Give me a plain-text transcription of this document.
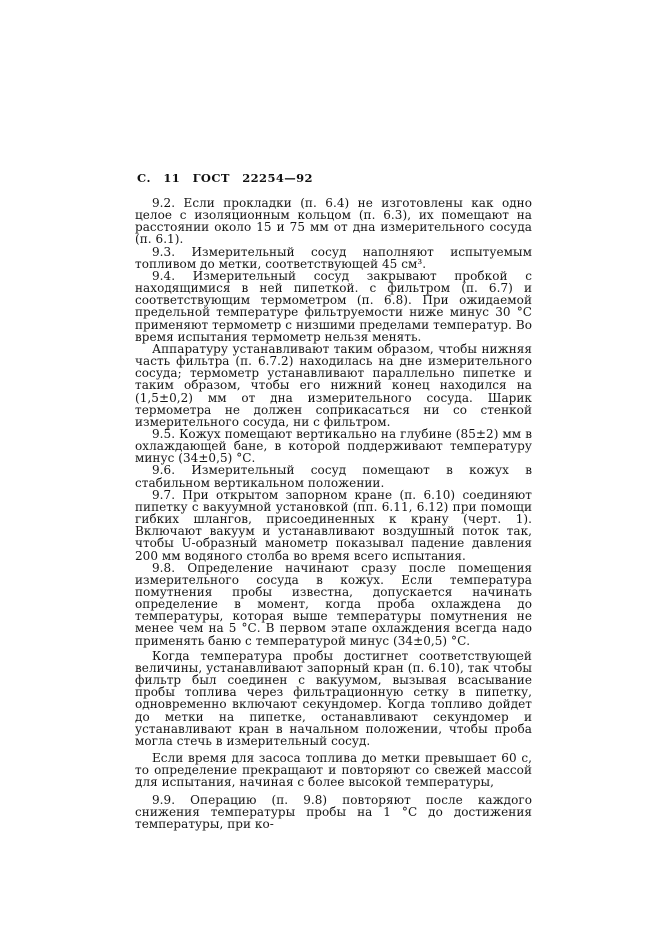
С. 11 ГОСТ 22254—92

9.2. Если прокладки (п. 6.4) не изготовлены как одно целое с изоляционным кольцом (п. 6.3), их помещают на расстоянии около 15 и 75 мм от дна измерительного сосуда (п. 6.1).

9.3. Измерительный сосуд наполняют испытуемым топливом до метки, соответствующей 45 см³.

9.4. Измерительный сосуд закрывают пробкой с находящимися в ней пипеткой. с фильтром (п. 6.7) и соответствующим термометром (п. 6.8). При ожидаемой предельной температуре фильтруемости ниже минус 30 °С применяют термометр с низшими пределами температур. Во время испытания термометр нельзя менять.

Аппаратуру устанавливают таким образом, чтобы нижняя часть фильтра (п. 6.7.2) находилась на дне измерительного сосуда; термометр устанавливают параллельно пипетке и таким образом, чтобы его нижний конец находился на (1,5±0,2) мм от дна измерительного сосуда. Шарик термометра не должен соприкасаться ни со стенкой измерительного сосуда, ни с фильтром.

9.5. Кожух помещают вертикально на глубине (85±2) мм в охлаждающей бане, в которой поддерживают температуру минус (34±0,5) °С.

9.6. Измерительный сосуд помещают в кожух в стабильном вертикальном положении.

9.7. При открытом запорном кране (п. 6.10) соединяют пипетку с вакуумной установкой (пп. 6.11, 6.12) при помощи гибких шлангов, присоединенных к крану (черт. 1). Включают вакуум и устанавливают воздушный поток так, чтобы U-образный манометр показывал падение давления 200 мм водяного столба во время всего испытания.

9.8. Определение начинают сразу после помещения измерительного сосуда в кожух. Если температура помутнения пробы известна, допускается начинать определение в момент, когда проба охлаждена до температуры, которая выше температуры помутнения не менее чем на 5 °С. В первом этапе охлаждения всегда надо применять баню с температурой минус (34±0,5) °С.

Когда температура пробы достигнет соответствующей величины, устанавливают запорный кран (п. 6.10), так чтобы фильтр был соединен с вакуумом, вызывая всасывание пробы топлива через фильтрационную сетку в пипетку, одновременно включают секундомер. Когда топливо дойдет до метки на пипетке, останавливают секундомер и устанавливают кран в начальном положении, чтобы проба могла стечь в измерительный сосуд.

Если время для засоса топлива до метки превышает 60 с, то определение прекращают и повторяют со свежей массой для испытания, начиная с более высокой температуры,

9.9. Операцию (п. 9.8) повторяют после каждого снижения температуры пробы на 1 °С до достижения температуры, при ко-
